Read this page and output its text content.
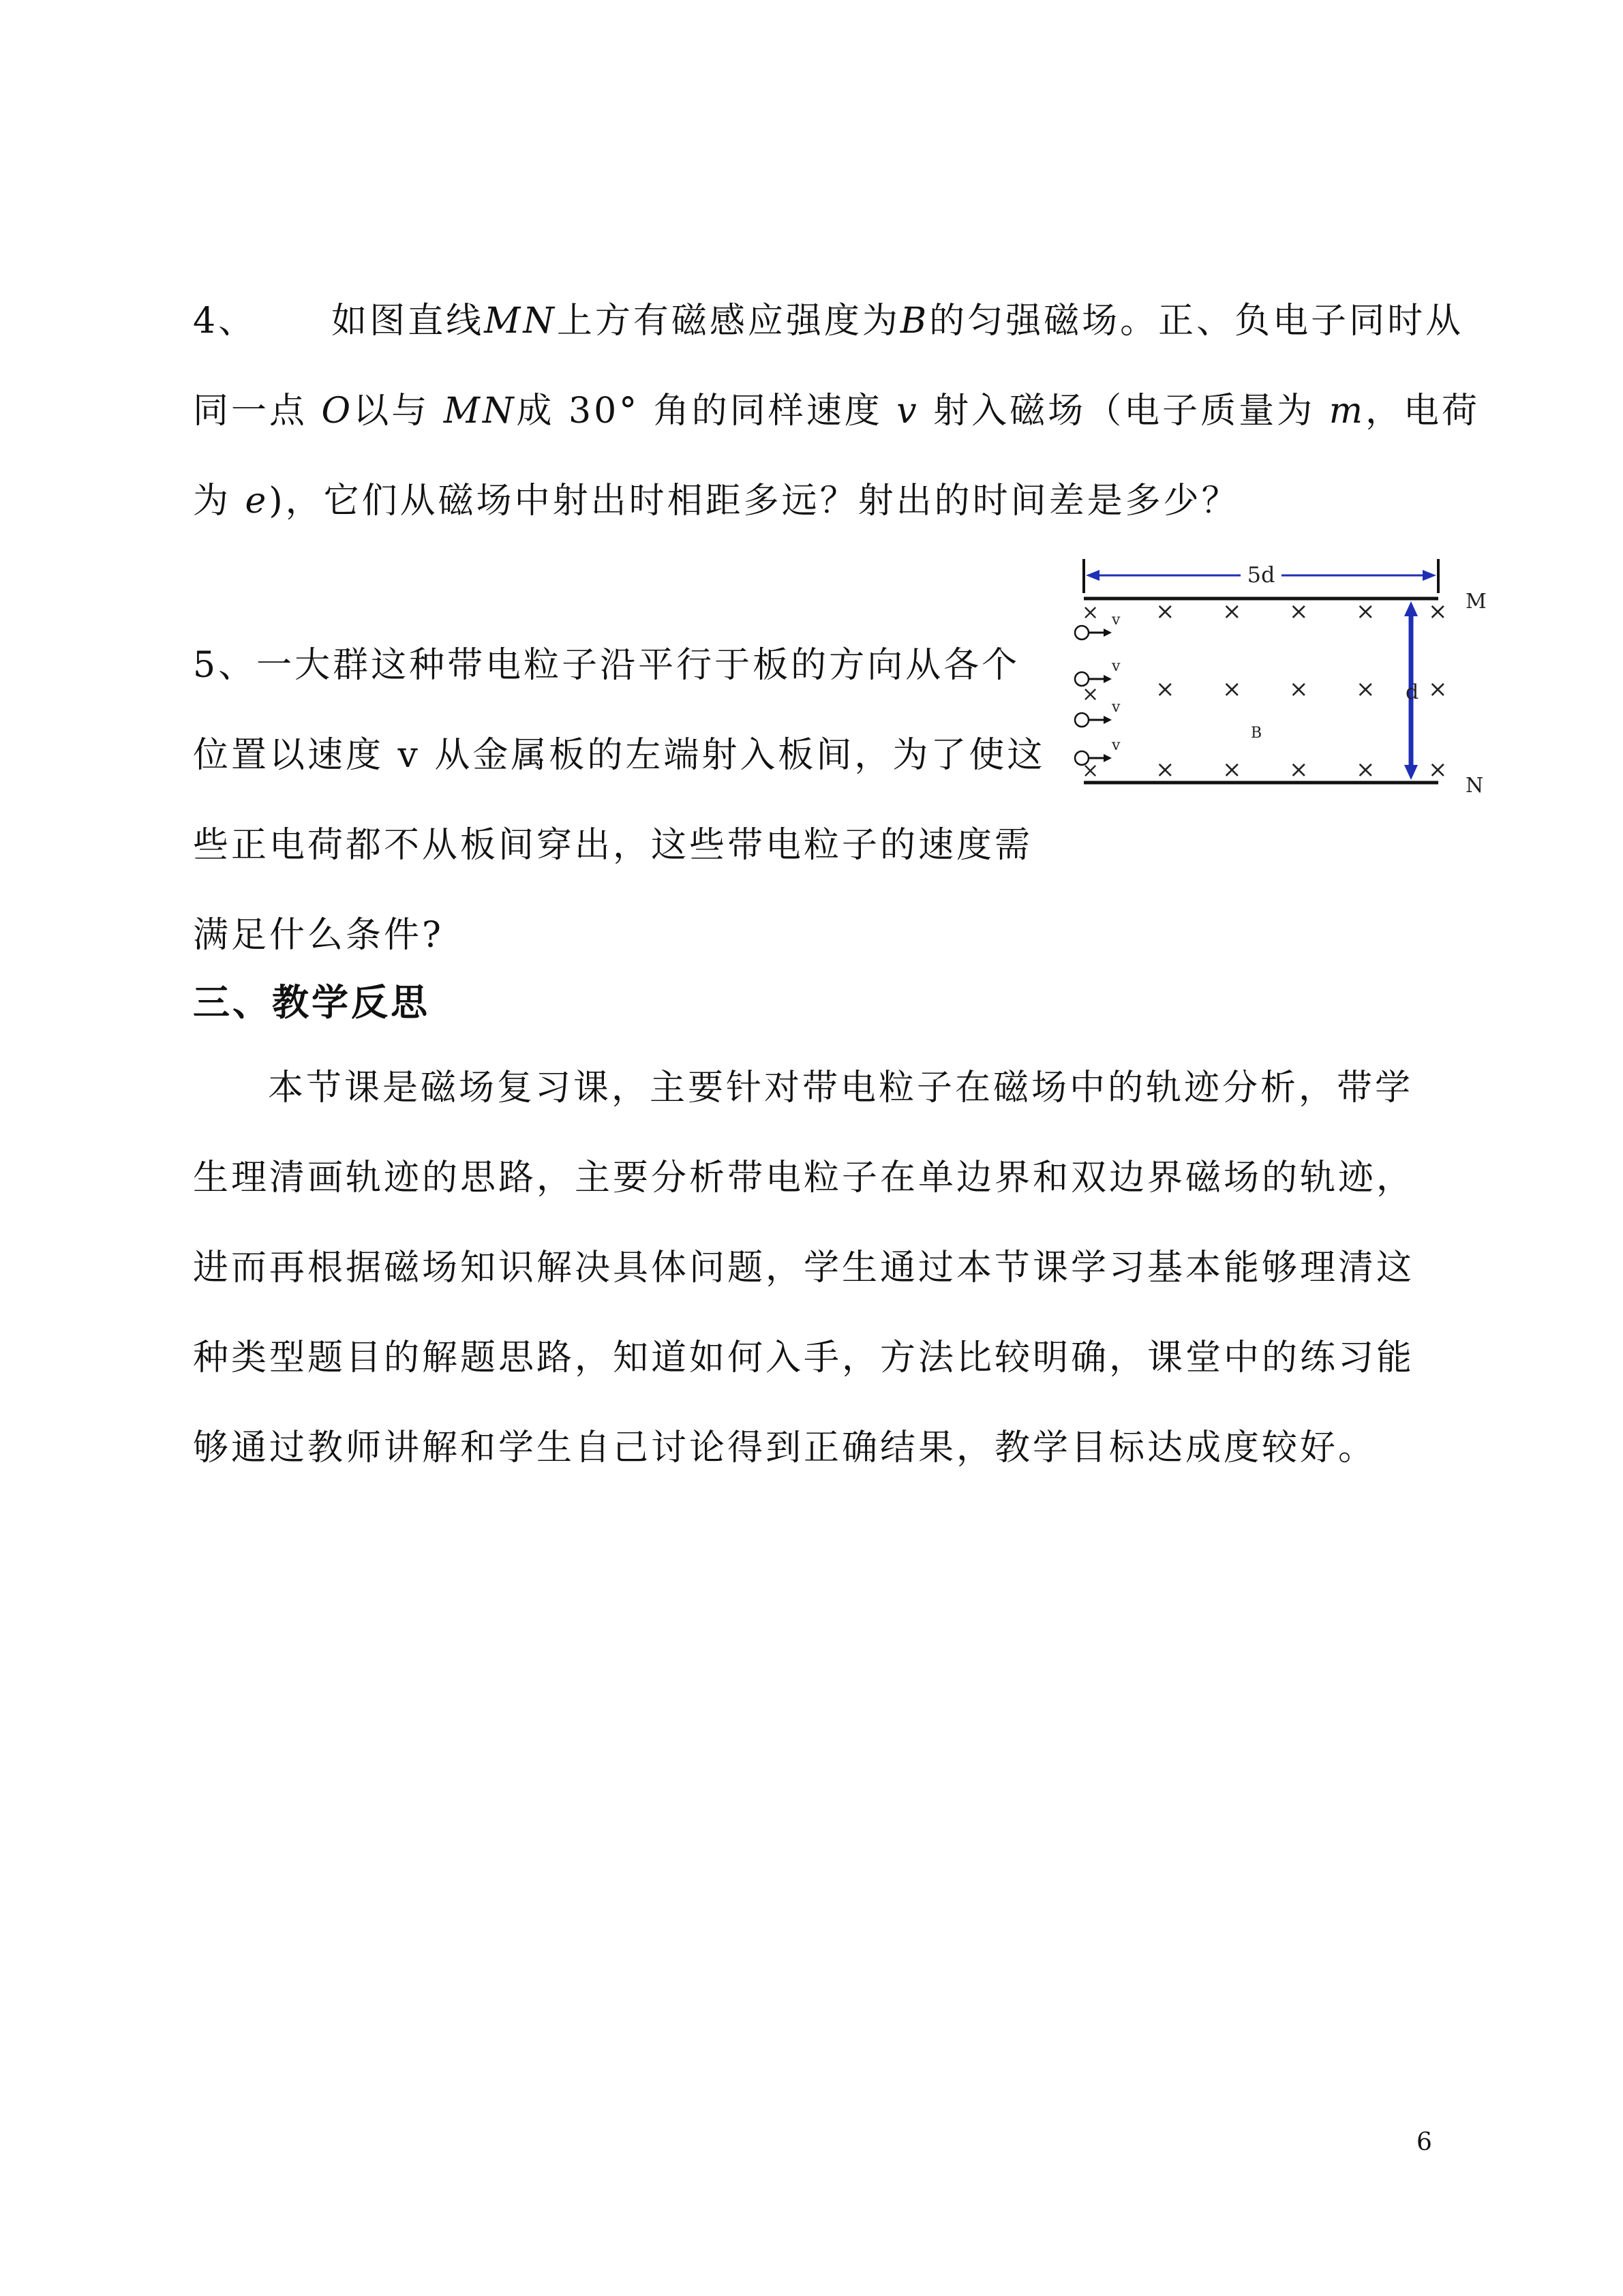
4、 如图直线MN上方有磁感应强度为B的匀强磁场。正、负电子同时从
同一点 O以与 MN成 30° 角的同样速度 v 射入磁场（电子质量为 m，电荷
为 e)，它们从磁场中射出时相距多远？射出的时间差是多少？
5、一大群这种带电粒子沿平行于板的方向从各个
位置以速度 v 从金属板的左端射入板间，为了使这
些正电荷都不从板间穿出，这些带电粒子的速度需
满足什么条件?
5d
d
× × × × ×
× × × × ×
× × × × ×
× v
v
×
v
v
×
B
M
N
三、教学反思
本节课是磁场复习课，主要针对带电粒子在磁场中的轨迹分析，带学
生理清画轨迹的思路，主要分析带电粒子在单边界和双边界磁场的轨迹，
进而再根据磁场知识解决具体问题，学生通过本节课学习基本能够理清这
种类型题目的解题思路，知道如何入手，方法比较明确，课堂中的练习能
够通过教师讲解和学生自己讨论得到正确结果，教学目标达成度较好。
6
